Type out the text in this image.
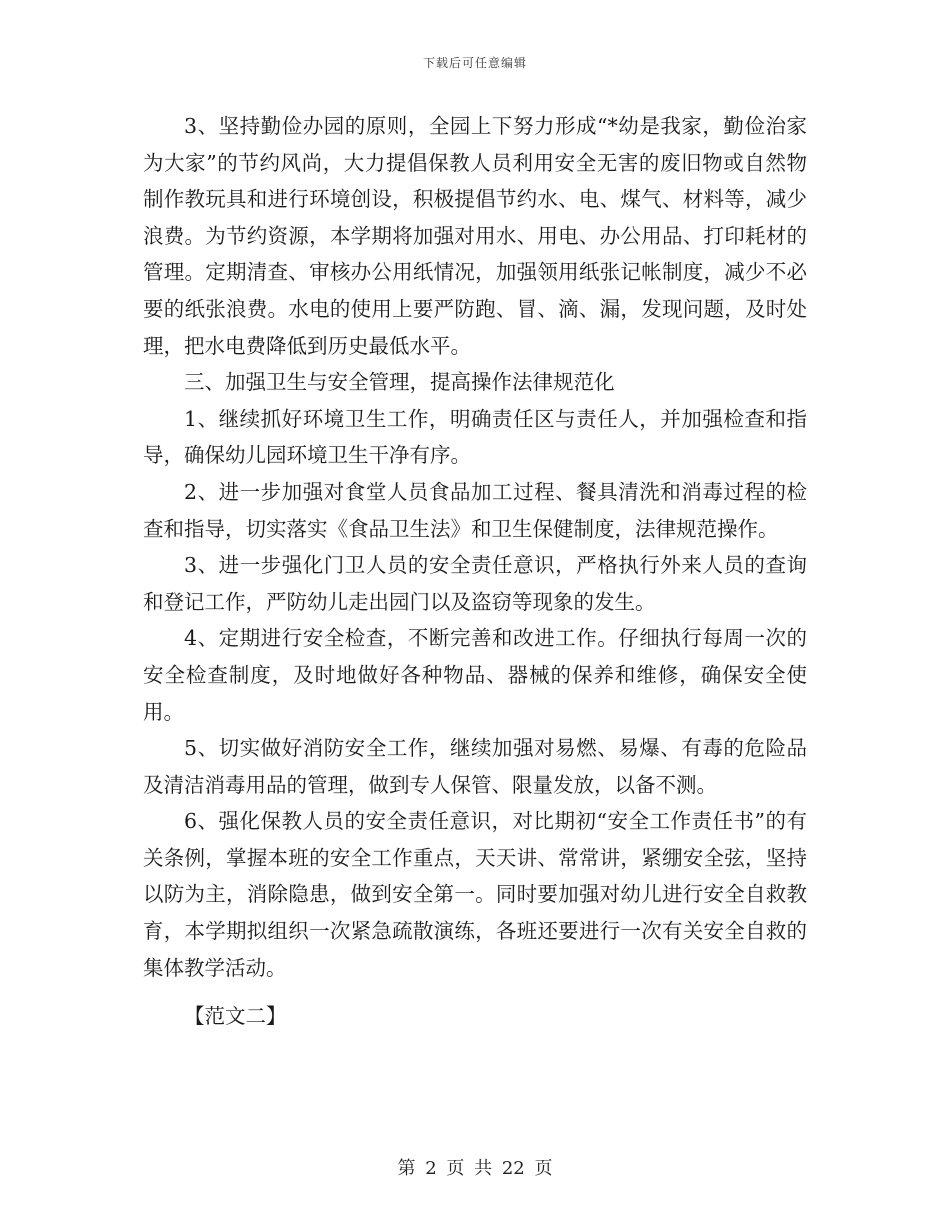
下载后可任意编辑

3、坚持勤俭办园的原则，全园上下努力形成“*幼是我家，勤俭治家为大家”的节约风尚，大力提倡保教人员利用安全无害的废旧物或自然物制作教玩具和进行环境创设，积极提倡节约水、电、煤气、材料等，减少浪费。为节约资源，本学期将加强对用水、用电、办公用品、打印耗材的管理。定期清查、审核办公用纸情况，加强领用纸张记帐制度，减少不必要的纸张浪费。水电的使用上要严防跑、冒、滴、漏，发现问题，及时处理，把水电费降低到历史最低水平。

三、加强卫生与安全管理，提高操作法律规范化

1、继续抓好环境卫生工作，明确责任区与责任人，并加强检查和指导，确保幼儿园环境卫生干净有序。

2、进一步加强对食堂人员食品加工过程、餐具清洗和消毒过程的检查和指导，切实落实《食品卫生法》和卫生保健制度，法律规范操作。

3、进一步强化门卫人员的安全责任意识，严格执行外来人员的查询和登记工作，严防幼儿走出园门以及盗窃等现象的发生。

4、定期进行安全检查，不断完善和改进工作。仔细执行每周一次的安全检查制度，及时地做好各种物品、器械的保养和维修，确保安全使用。

5、切实做好消防安全工作，继续加强对易燃、易爆、有毒的危险品及清洁消毒用品的管理，做到专人保管、限量发放，以备不测。

6、强化保教人员的安全责任意识，对比期初“安全工作责任书”的有关条例，掌握本班的安全工作重点，天天讲、常常讲，紧绷安全弦，坚持以防为主，消除隐患，做到安全第一。同时要加强对幼儿进行安全自救教育，本学期拟组织一次紧急疏散演练，各班还要进行一次有关安全自救的集体教学活动。

【范文二】

第 2 页 共 22 页
